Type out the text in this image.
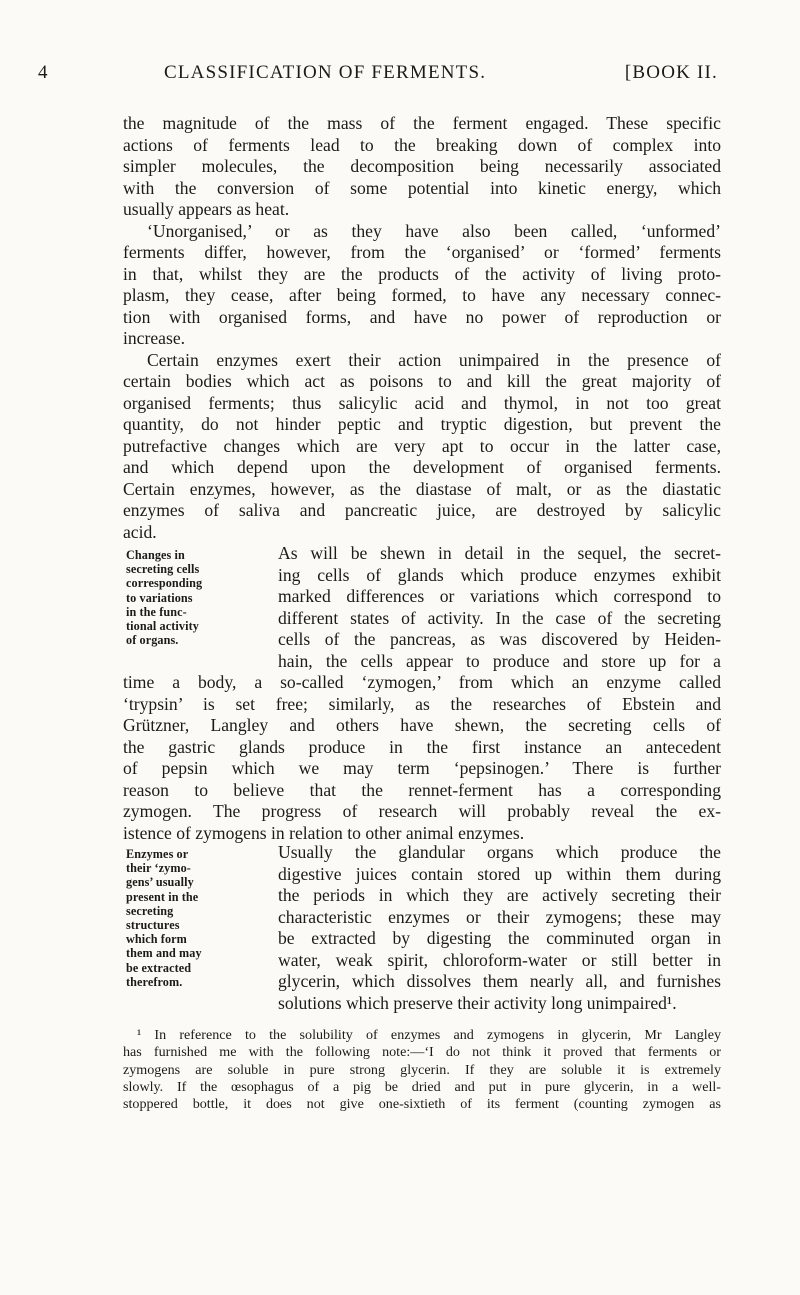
4	CLASSIFICATION OF FERMENTS.	[BOOK II.
the magnitude of the mass of the ferment engaged. These specific
actions of ferments lead to the breaking down of complex into
simpler molecules, the decomposition being necessarily associated
with the conversion of some potential into kinetic energy, which
usually appears as heat.
‘Unorganised,’ or as they have also been called, ‘unformed’
ferments differ, however, from the ‘organised’ or ‘formed’ ferments
in that, whilst they are the products of the activity of living proto-
plasm, they cease, after being formed, to have any necessary connec-
tion with organised forms, and have no power of reproduction or
increase.
Certain enzymes exert their action unimpaired in the presence of
certain bodies which act as poisons to and kill the great majority of
organised ferments; thus salicylic acid and thymol, in not too great
quantity, do not hinder peptic and tryptic digestion, but prevent the
putrefactive changes which are very apt to occur in the latter case,
and which depend upon the development of organised ferments.
Certain enzymes, however, as the diastase of malt, or as the diastatic
enzymes of saliva and pancreatic juice, are destroyed by salicylic
acid.
Changes in
secreting cells
corresponding
to variations
in the func-
tional activity
of organs.
As will be shewn in detail in the sequel, the secret-
ing cells of glands which produce enzymes exhibit
marked differences or variations which correspond to
different states of activity. In the case of the secreting
cells of the pancreas, as was discovered by Heiden-
hain, the cells appear to produce and store up for a
time a body, a so-called ‘zymogen,’ from which an enzyme called
‘trypsin’ is set free; similarly, as the researches of Ebstein and
Grützner, Langley and others have shewn, the secreting cells of
the gastric glands produce in the first instance an antecedent
of pepsin which we may term ‘pepsinogen.’ There is further
reason to believe that the rennet-ferment has a corresponding
zymogen. The progress of research will probably reveal the ex-
istence of zymogens in relation to other animal enzymes.
Enzymes or
their ‘zymo-
gens’ usually
present in the
secreting
structures
which form
them and may
be extracted
therefrom.
Usually the glandular organs which produce the
digestive juices contain stored up within them during
the periods in which they are actively secreting their
characteristic enzymes or their zymogens; these may
be extracted by digesting the comminuted organ in
water, weak spirit, chloroform-water or still better in
glycerin, which dissolves them nearly all, and furnishes
solutions which preserve their activity long unimpaired¹.
¹ In reference to the solubility of enzymes and zymogens in glycerin, Mr Langley
has furnished me with the following note:—‘I do not think it proved that ferments or
zymogens are soluble in pure strong glycerin. If they are soluble it is extremely
slowly. If the œsophagus of a pig be dried and put in pure glycerin, in a well-
stoppered bottle, it does not give one-sixtieth of its ferment (counting zymogen as
